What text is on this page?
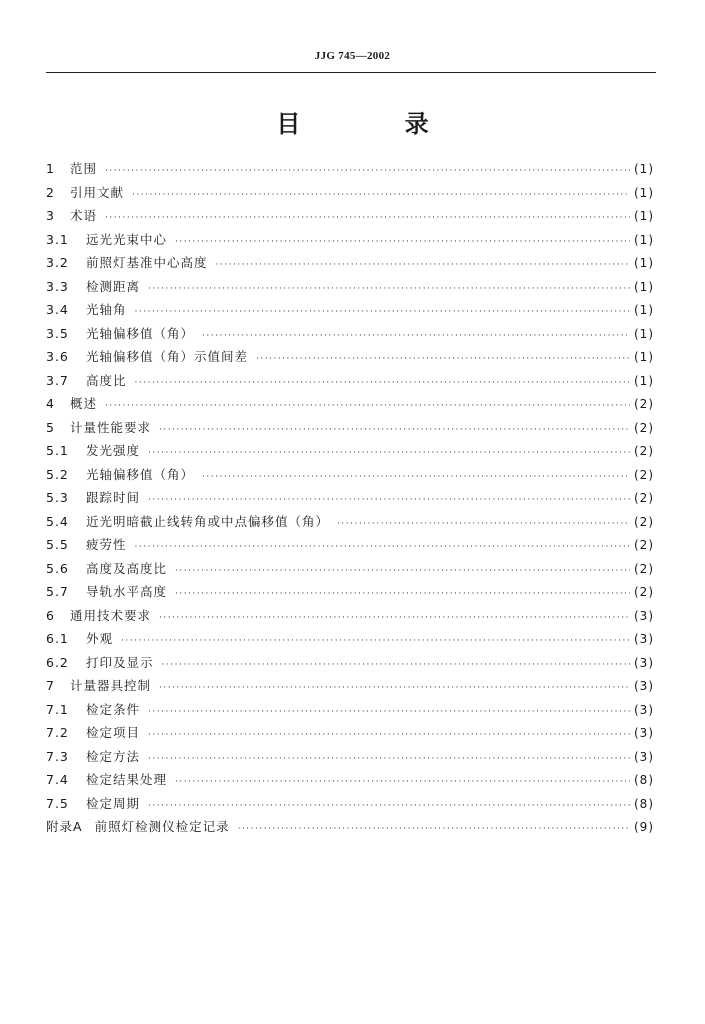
JJG 745—2002
目 录
1	范围 ·····	(1)
2	引用文献 ·····	(1)
3	术语 ·····	(1)
3.1	远光光束中心 ·····	(1)
3.2	前照灯基准中心高度 ·····	(1)
3.3	检测距离 ·····	(1)
3.4	光轴角 ·····	(1)
3.5	光轴偏移值（角） ·····	(1)
3.6	光轴偏移值（角）示值间差 ·····	(1)
3.7	高度比 ·····	(1)
4	概述 ·····	(2)
5	计量性能要求 ·····	(2)
5.1	发光强度 ·····	(2)
5.2	光轴偏移值（角） ·····	(2)
5.3	跟踪时间 ·····	(2)
5.4	近光明暗截止线转角或中点偏移值（角） ·····	(2)
5.5	疲劳性 ·····	(2)
5.6	高度及高度比 ·····	(2)
5.7	导轨水平高度 ·····	(2)
6	通用技术要求 ·····	(3)
6.1	外观 ·····	(3)
6.2	打印及显示 ·····	(3)
7	计量器具控制 ·····	(3)
7.1	检定条件 ·····	(3)
7.2	检定项目 ·····	(3)
7.3	检定方法 ·····	(3)
7.4	检定结果处理 ·····	(8)
7.5	检定周期 ·····	(8)
附录A 前照灯检测仪检定记录 ·····	(9)
